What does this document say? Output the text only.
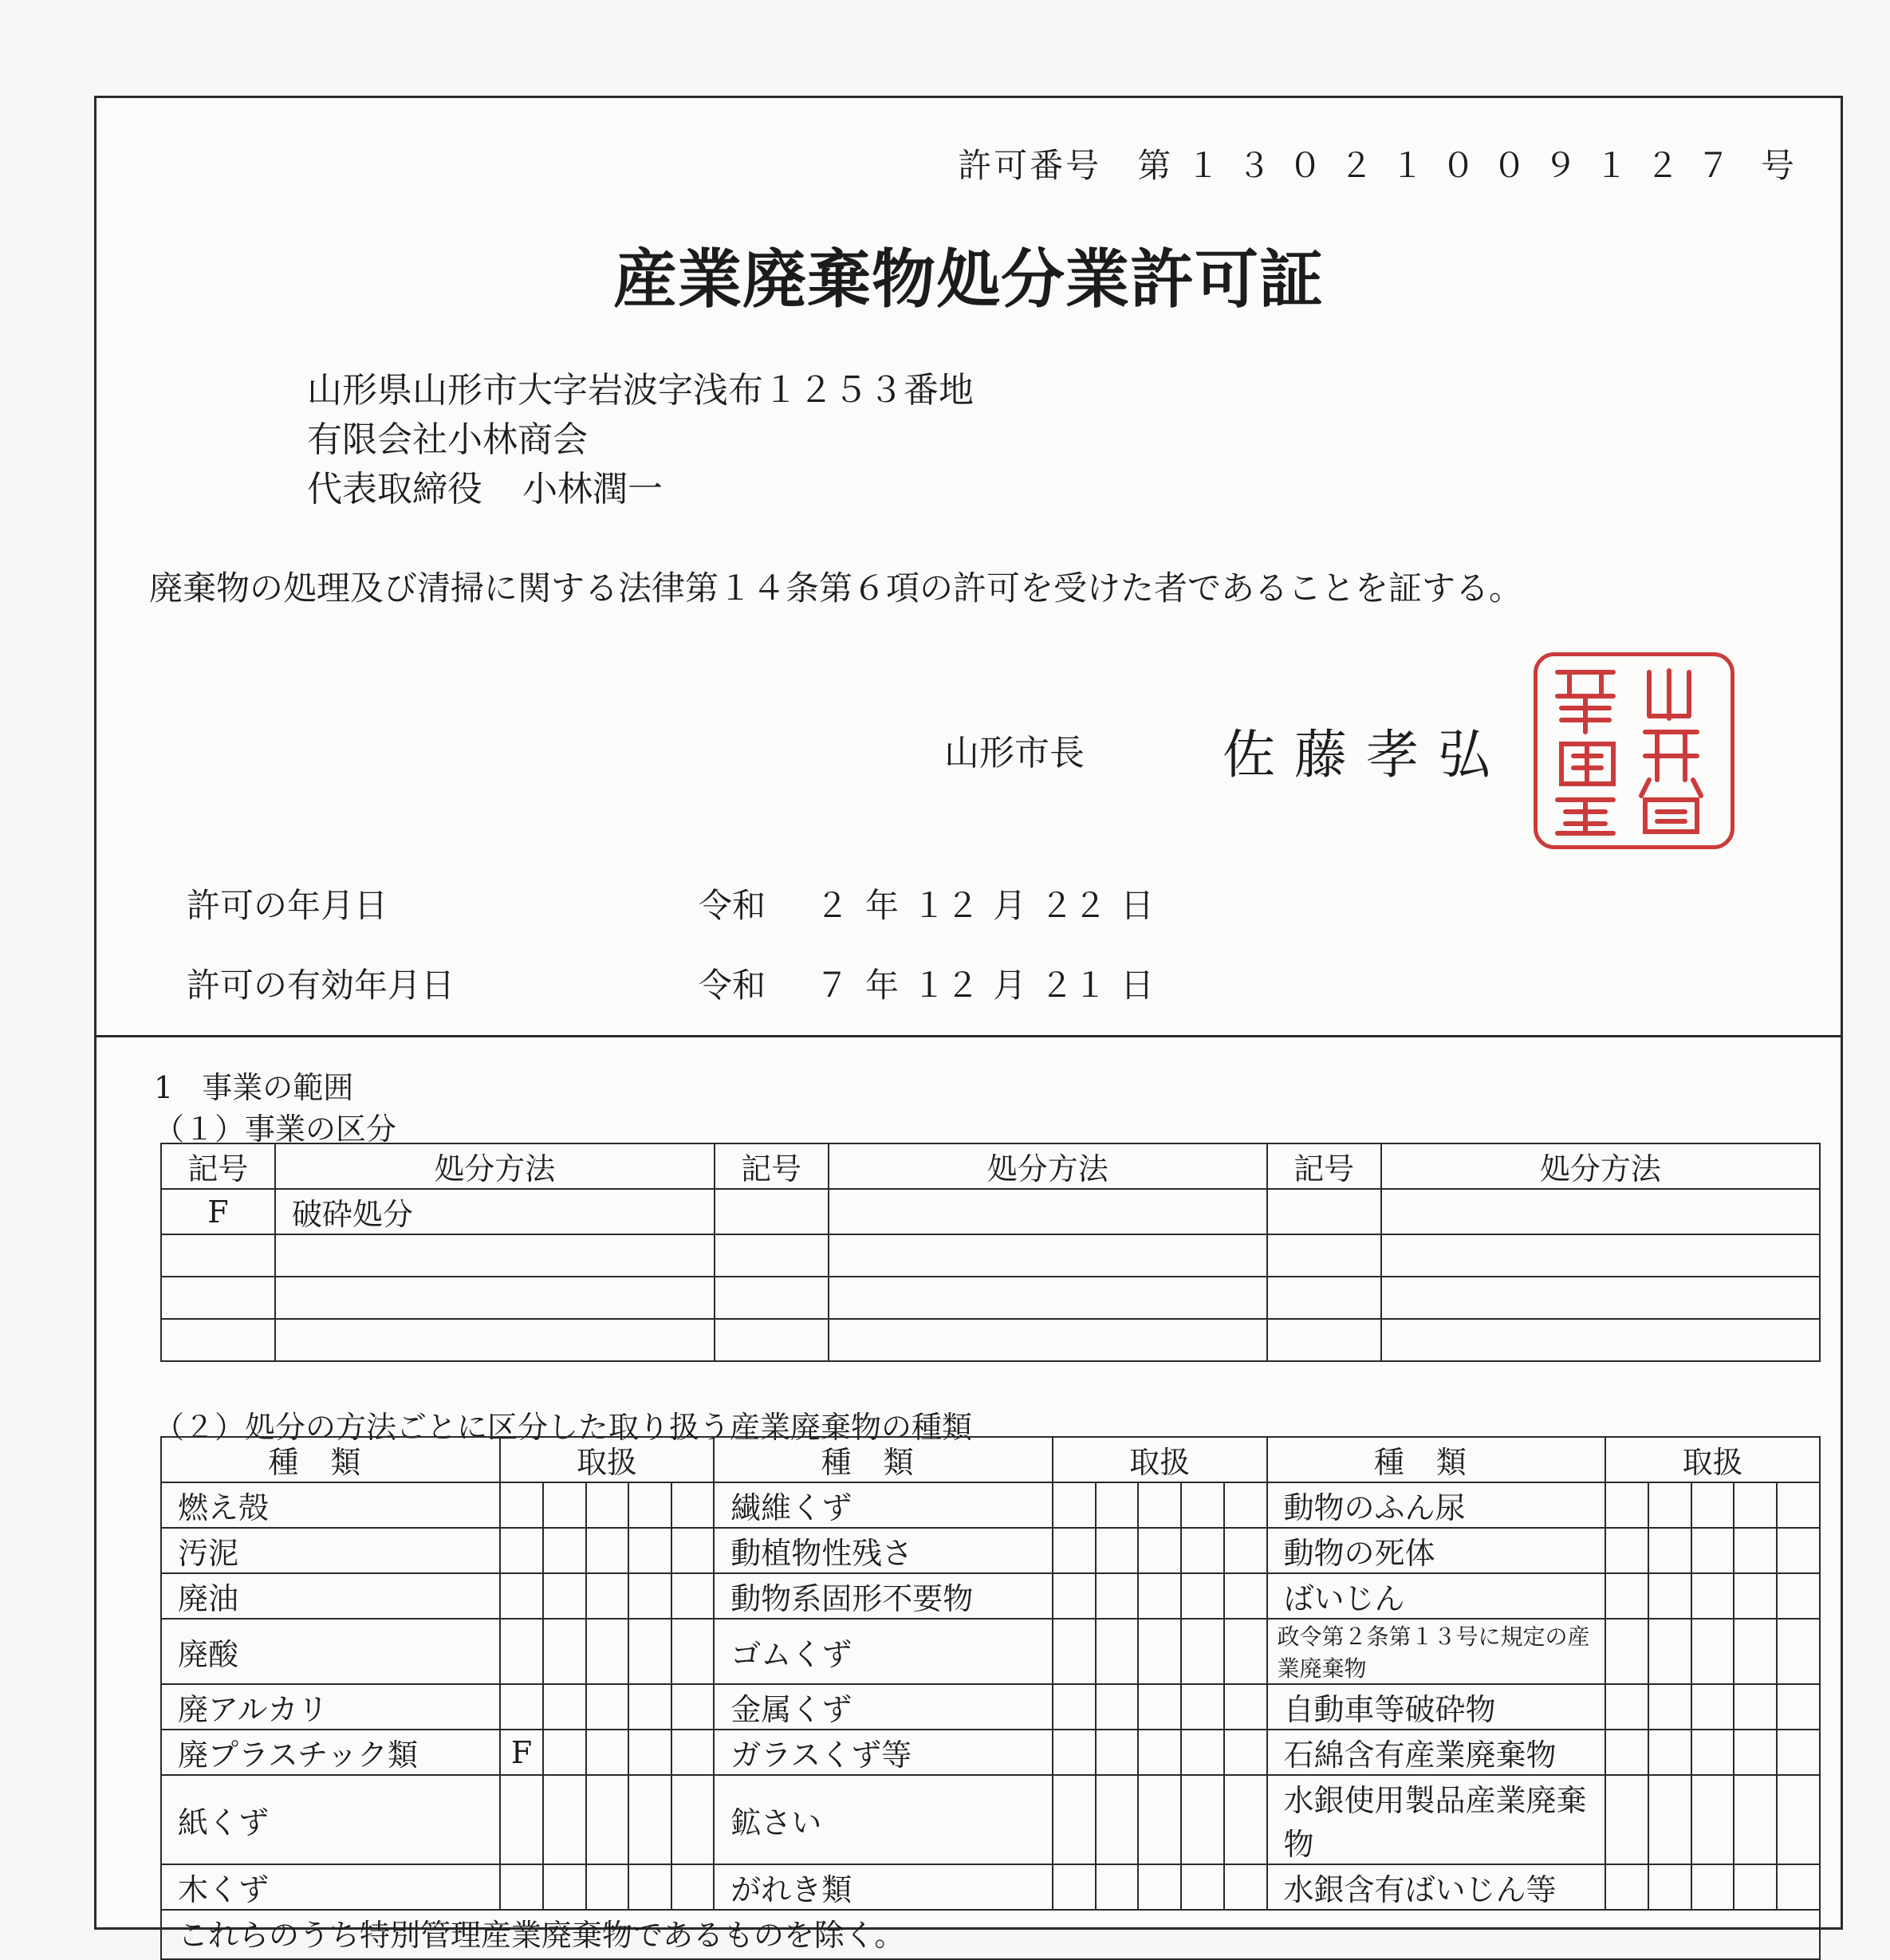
許可番号　第 １３０２１００９１２７ 号
産業廃棄物処分業許可証
山形県山形市大字岩波字浅布１２５３番地
有限会社小林商会
代表取締役 小林潤一
廃棄物の処理及び清掃に関する法律第１４条第６項の許可を受けた者であることを証する。
山形市長	佐藤孝弘
許可の年月日	令和 ２ 年 １２ 月 ２２ 日
許可の有効年月日	令和 ７ 年 １２ 月 ２１ 日
1 事業の範囲
（１）事業の区分
記号	処分方法	記号	処分方法	記号	処分方法
F	破砕処分				

（２）処分の方法ごとに区分した取り扱う産業廃棄物の種類
種類	取扱					種類	取扱					種類	取扱				
燃え殻						繊維くず						動物のふん尿					
汚泥						動植物性残さ						動物の死体					
廃油						動物系固形不要物						ばいじん					
廃酸						ゴムくず						政令第２条第１３号に規定の産業廃棄物					
廃アルカリ						金属くず						自動車等破砕物					
廃プラスチック類	F					ガラスくず等						石綿含有産業廃棄物					
紙くず						鉱さい						水銀使用製品産業廃棄物					
木くず						がれき類						水銀含有ばいじん等					
これらのうち特別管理産業廃棄物であるものを除く。																	
